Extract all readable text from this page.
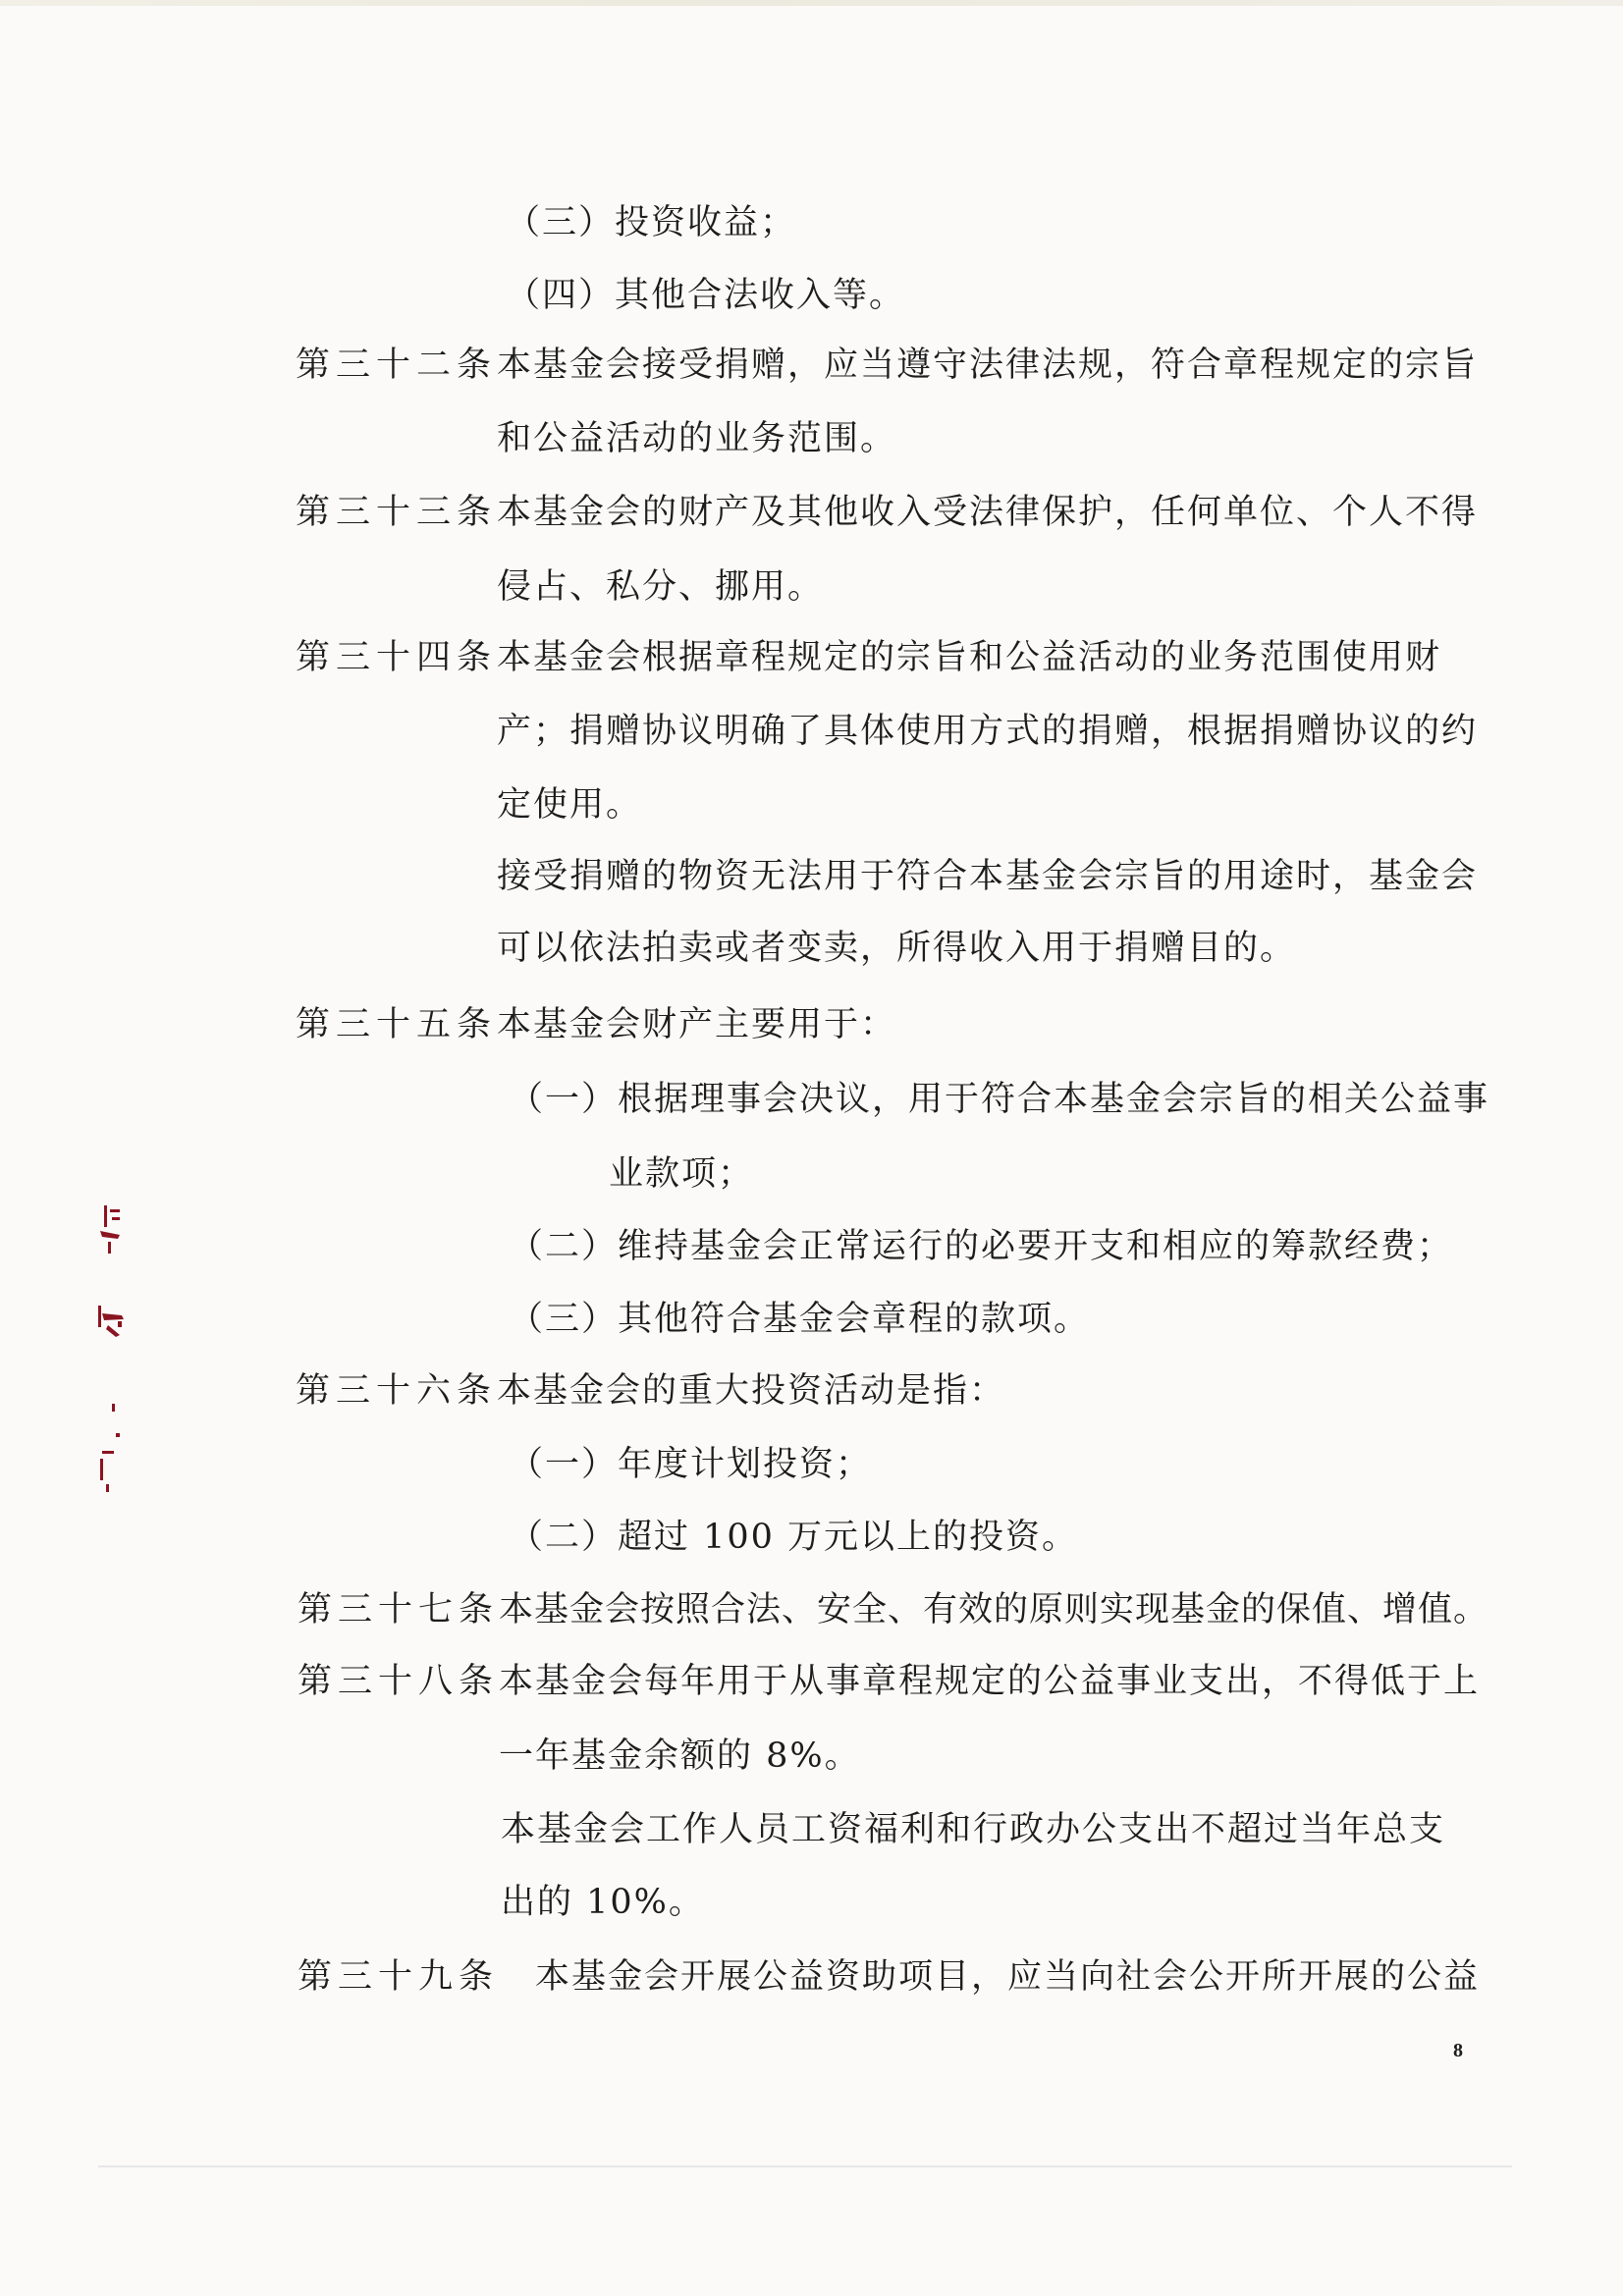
（三）投资收益；
（四）其他合法收入等。
第三十二条 本基金会接受捐赠，应当遵守法律法规，符合章程规定的宗旨
和公益活动的业务范围。
第三十三条 本基金会的财产及其他收入受法律保护，任何单位、个人不得
侵占、私分、挪用。
第三十四条 本基金会根据章程规定的宗旨和公益活动的业务范围使用财
产；捐赠协议明确了具体使用方式的捐赠，根据捐赠协议的约
定使用。
接受捐赠的物资无法用于符合本基金会宗旨的用途时，基金会
可以依法拍卖或者变卖，所得收入用于捐赠目的。
第三十五条 本基金会财产主要用于：
（一）根据理事会决议，用于符合本基金会宗旨的相关公益事
业款项；
（二）维持基金会正常运行的必要开支和相应的筹款经费；
（三）其他符合基金会章程的款项。
第三十六条 本基金会的重大投资活动是指：
（一）年度计划投资；
（二）超过 100 万元以上的投资。
第三十七条 本基金会按照合法、安全、有效的原则实现基金的保值、增值。
第三十八条 本基金会每年用于从事章程规定的公益事业支出，不得低于上
一年基金余额的 8%。
本基金会工作人员工资福利和行政办公支出不超过当年总支
出的 10%。
第三十九条 本基金会开展公益资助项目，应当向社会公开所开展的公益
8
